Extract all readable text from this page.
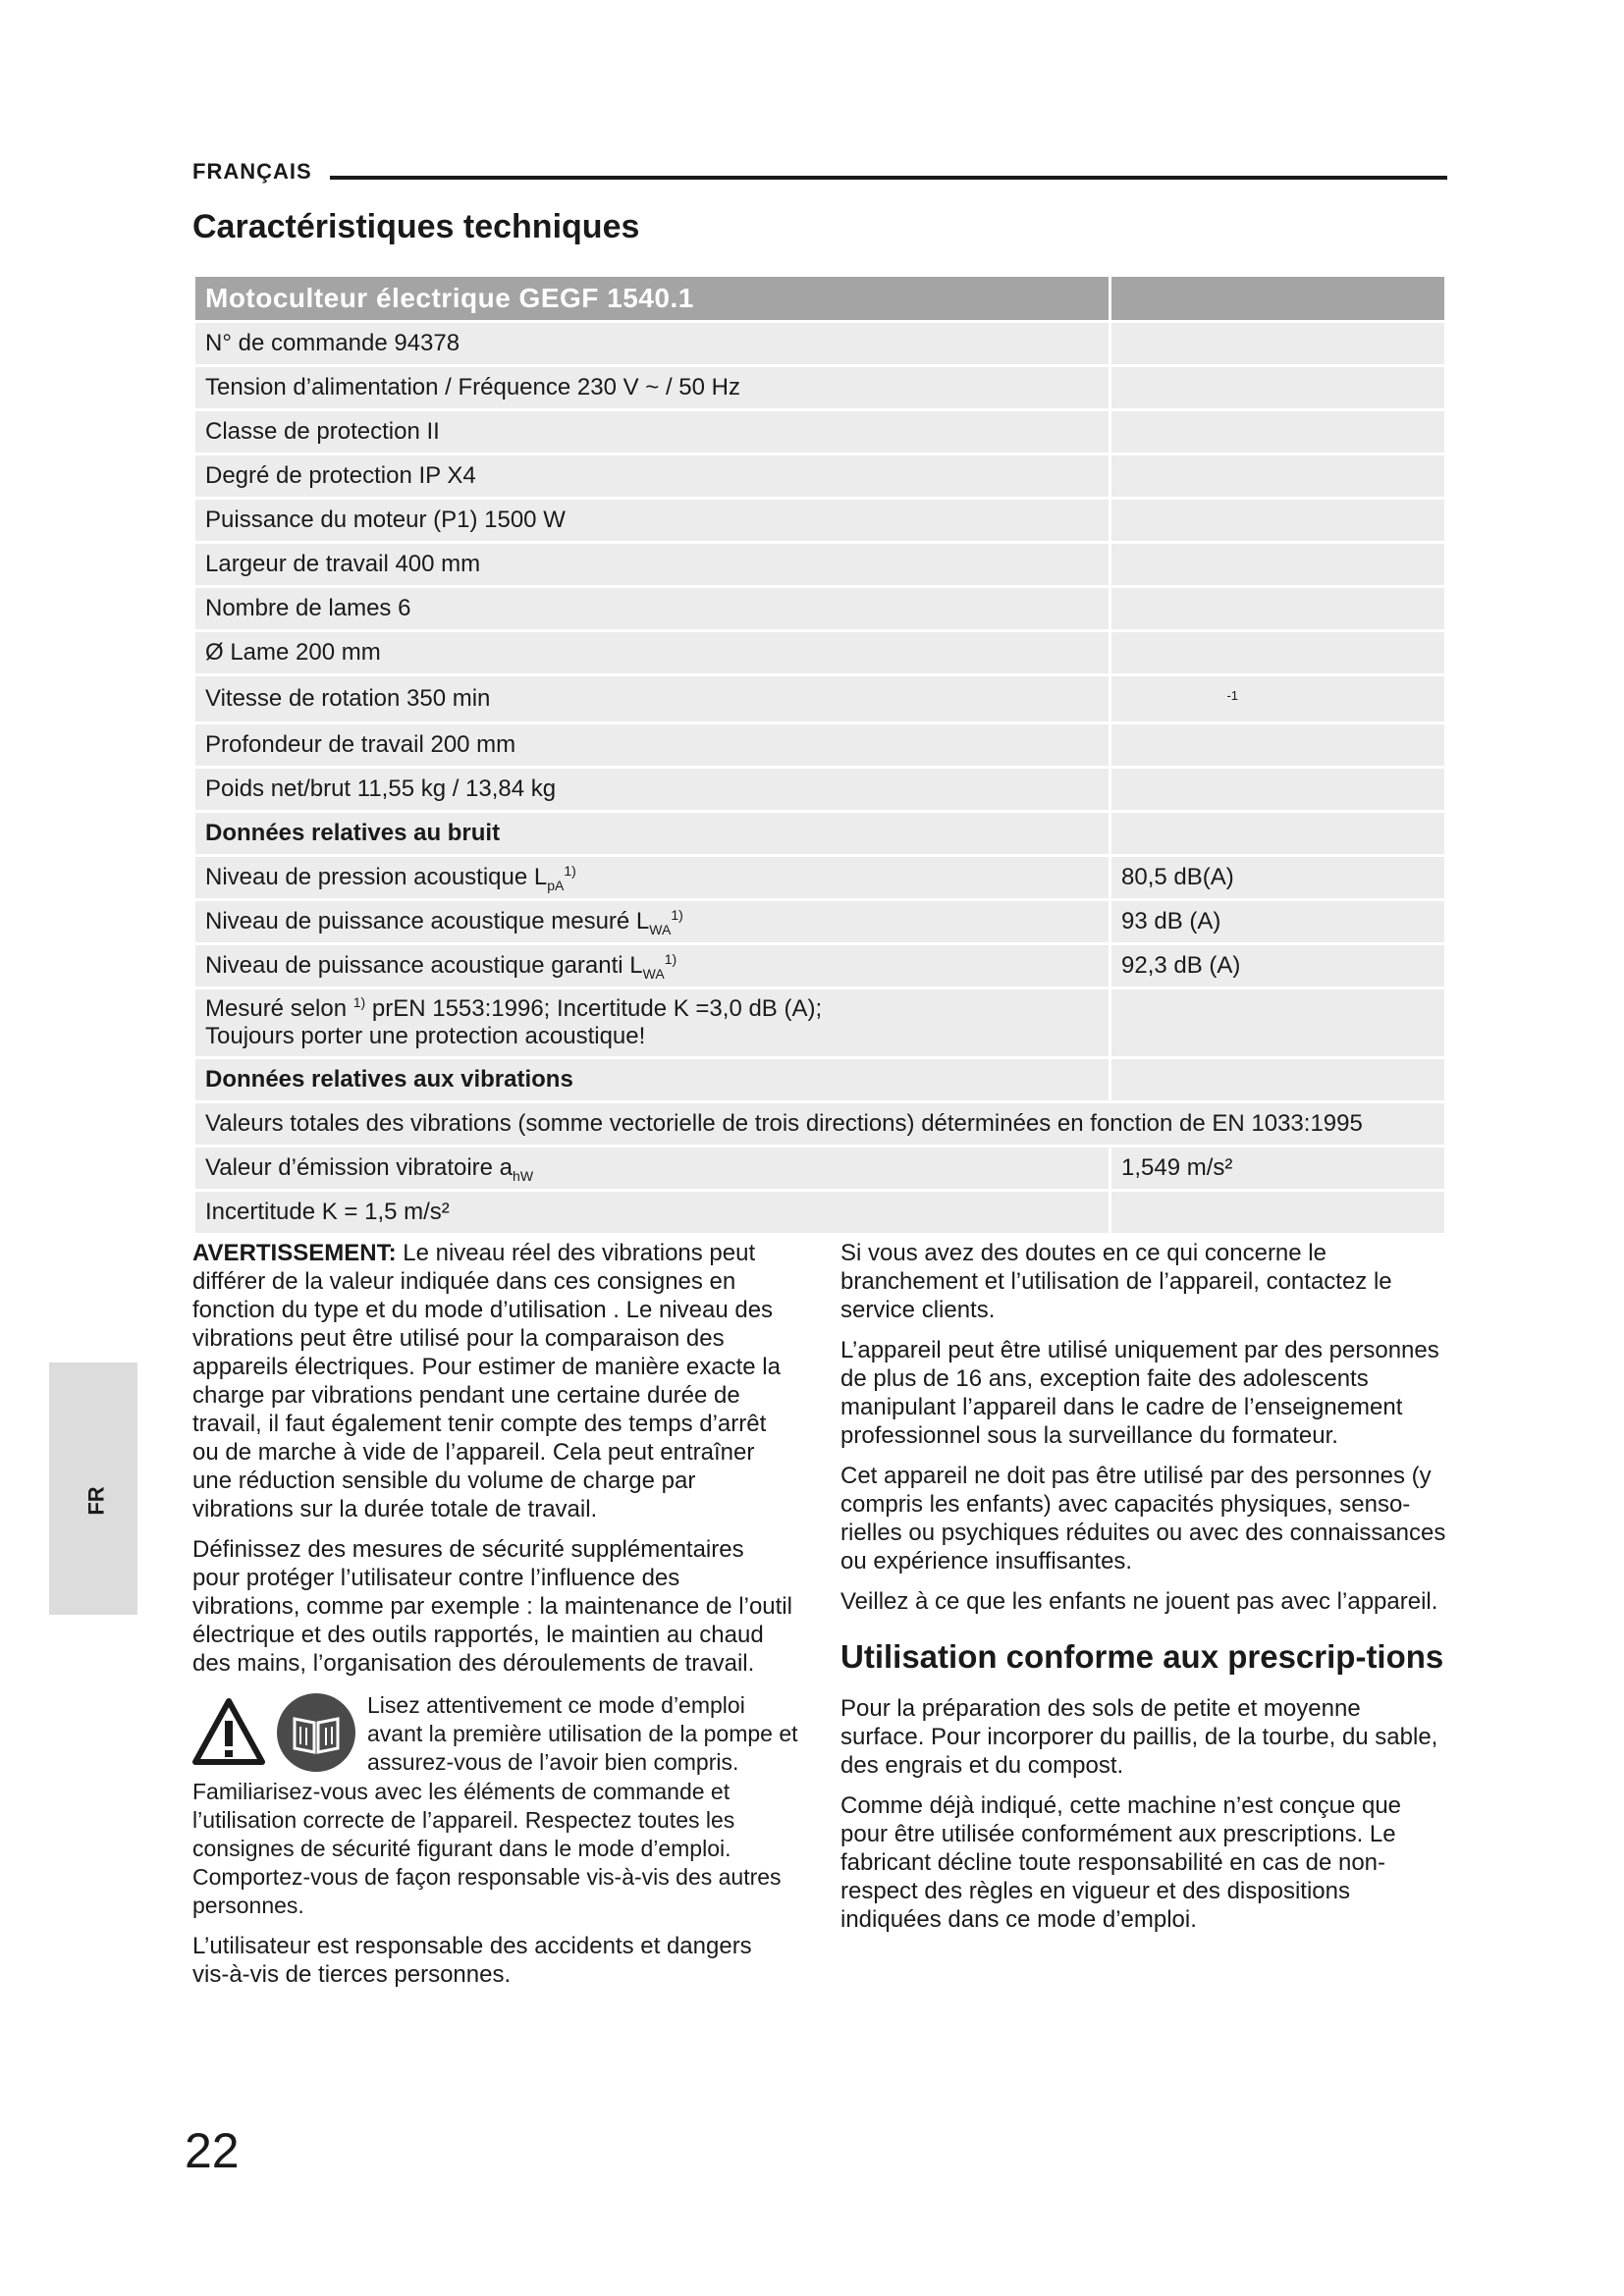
FRANÇAIS
Caractéristiques techniques
Motoculteur électrique GEGF 1540.1	
N° de commande 94378	
Tension d’alimentation / Fréquence 230 V ~ / 50 Hz	
Classe de protection II	
Degré de protection IP X4	
Puissance du moteur (P1) 1500 W	
Largeur de travail 400 mm	
Nombre de lames 6	
Ø Lame 200 mm	
Vitesse de rotation 350 min	-1
Profondeur de travail 200 mm	
Poids net/brut 11,55 kg / 13,84 kg	
Données relatives au bruit	
Niveau de pression acoustique $L_{pA}^{1)}$	80,5 dB(A)
Niveau de puissance acoustique mesuré $L_{WA}^{1)}$	93 dB (A)
Niveau de puissance acoustique garanti $L_{WA}^{1)}$	92,3 dB (A)

Mesuré selon $^{1)}$ prEN 1553:1996; Incertitude K =3,0 dB (A);
Toujours porter une protection acoustique!	

Données relatives aux vibrations	
Valeurs totales des vibrations (somme vectorielle de trois directions) déterminées en fonction de EN 1033:1995	
Valeur d’émission vibratoire $a_{hW}$	1,549 m/s²
Incertitude K = 1,5 m/s²	
FR

AVERTISSEMENT: Le niveau réel des vibrations peut différer de la valeur indiquée dans ces consignes en fonction du type et du mode d’utilisation . Le niveau des vibrations peut être utilisé pour la comparaison des appareils électriques. Pour estimer de manière exacte la charge par vibrations pendant une certaine durée de travail, il faut également tenir compte des temps d’arrêt ou de marche à vide de l’appareil. Cela peut entraîner une réduction sensible du volume de charge par vibrations sur la durée totale de travail.

Définissez des mesures de sécurité supplémentaires pour protéger l’utilisateur contre l’influence des vibrations, comme par exemple : la maintenance de l’outil électrique et des outils rapportés, le maintien au chaud des mains, l’organisation des déroulements de travail.

Lisez attentivement ce mode d’emploi avant la première utilisation de la pompe et assurez-vous de l’avoir bien compris.

Familiarisez-vous avec les éléments de commande et l’utilisation correcte de l’appareil. Respectez toutes les consignes de sécurité figurant dans le mode d’emploi. Comportez-vous de façon responsable vis-à-vis des autres personnes.

L’utilisateur est responsable des accidents et dangers vis-à-vis de tierces personnes.

Si vous avez des doutes en ce qui concerne le branchement et l’utilisation de l’appareil, contactez le service clients.

L’appareil peut être utilisé uniquement par des personnes de plus de 16 ans, exception faite des adolescents manipulant l’appareil dans le cadre de l’enseignement professionnel sous la surveillance du formateur.

Cet appareil ne doit pas être utilisé par des personnes (y compris les enfants) avec capacités physiques, senso-rielles ou psychiques réduites ou avec des connaissances ou expérience insuffisantes.

Veillez à ce que les enfants ne jouent pas avec l’appareil.

Utilisation conforme aux prescrip-tions

Pour la préparation des sols de petite et moyenne surface. Pour incorporer du paillis, de la tourbe, du sable, des engrais et du compost.

Comme déjà indiqué, cette machine n’est conçue que pour être utilisée conformément aux prescriptions. Le fabricant décline toute responsabilité en cas de non-respect des règles en vigueur et des dispositions indiquées dans ce mode d’emploi.

22
